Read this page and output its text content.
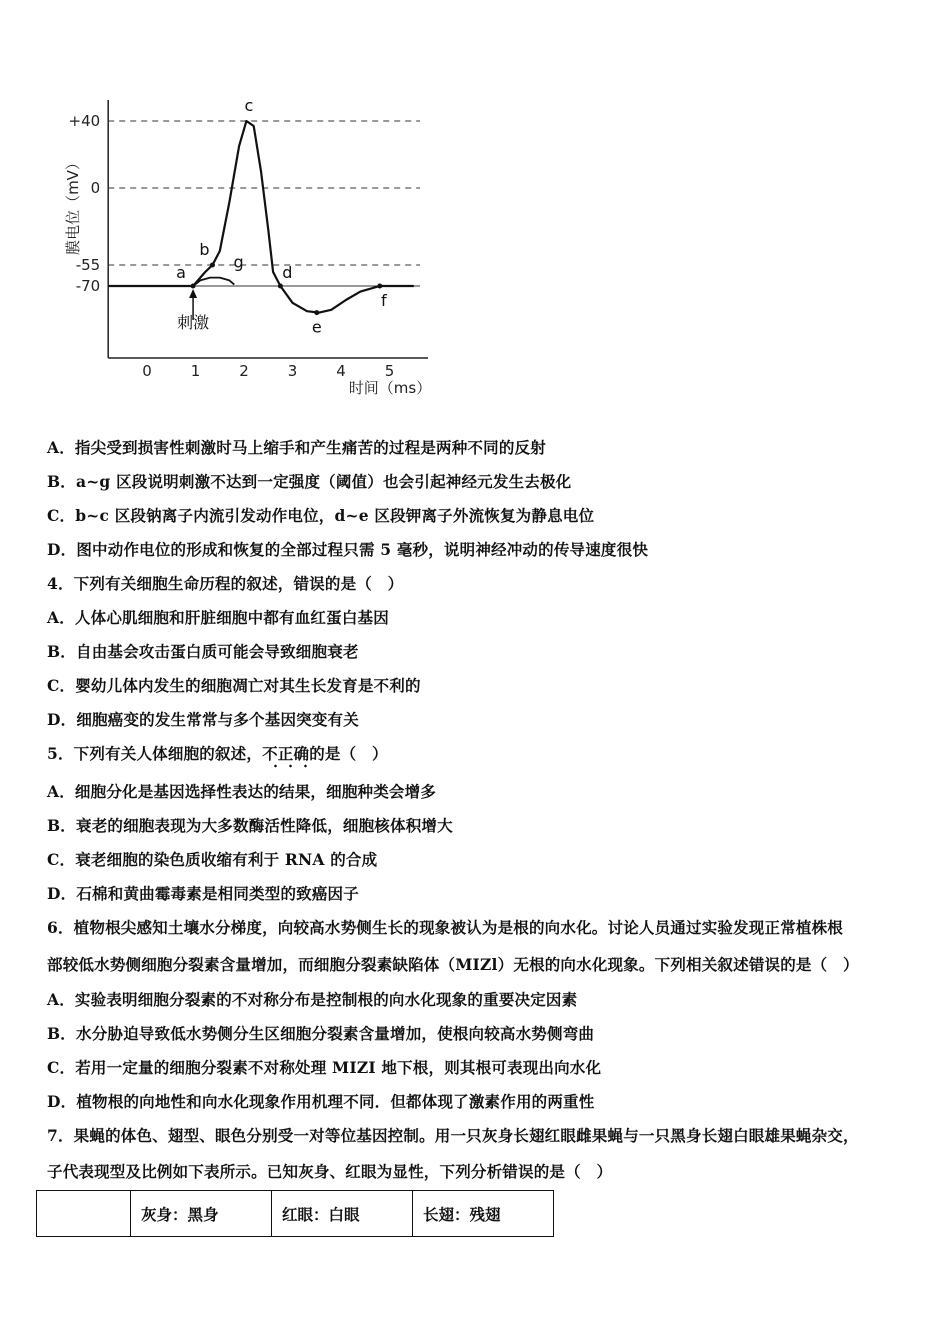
+40
0
-55
-70
0	1	2	3	4	5
膜电位（mV）
时间（ms）
a
b
c
d
e
f
g
刺激
A．指尖受到损害性刺激时马上缩手和产生痛苦的过程是两种不同的反射
B．a~g 区段说明刺激不达到一定强度（阈值）也会引起神经元发生去极化
C．b~c 区段钠离子内流引发动作电位，d~e 区段钾离子外流恢复为静息电位
D．图中动作电位的形成和恢复的全部过程只需 5 毫秒，说明神经冲动的传导速度很快
4．下列有关细胞生命历程的叙述，错误的是（　）
A．人体心肌细胞和肝脏细胞中都有血红蛋白基因
B．自由基会攻击蛋白质可能会导致细胞衰老
C．婴幼儿体内发生的细胞凋亡对其生长发育是不利的
D．细胞癌变的发生常常与多个基因突变有关
5．下列有关人体细胞的叙述，不正确的是（　）
A．细胞分化是基因选择性表达的结果，细胞种类会增多
B．衰老的细胞表现为大多数酶活性降低，细胞核体积增大
C．衰老细胞的染色质收缩有利于 RNA 的合成
D．石棉和黄曲霉毒素是相同类型的致癌因子
6．植物根尖感知土壤水分梯度，向较高水势侧生长的现象被认为是根的向水化。讨论人员通过实验发现正常植株根
部较低水势侧细胞分裂素含量增加，而细胞分裂素缺陷体（MIZl）无根的向水化现象。下列相关叙述错误的是（　）
A．实验表明细胞分裂素的不对称分布是控制根的向水化现象的重要决定因素
B．水分胁迫导致低水势侧分生区细胞分裂素含量增加，使根向较高水势侧弯曲
C．若用一定量的细胞分裂素不对称处理 MIZI 地下根，则其根可表现出向水化
D．植物根的向地性和向水化现象作用机理不同．但都体现了激素作用的两重性
7．果蝇的体色、翅型、眼色分别受一对等位基因控制。用一只灰身长翅红眼雌果蝇与一只黑身长翅白眼雄果蝇杂交，
子代表现型及比例如下表所示。已知灰身、红眼为显性，下列分析错误的是（　）
	灰身：黑身	红眼：白眼	长翅：残翅
